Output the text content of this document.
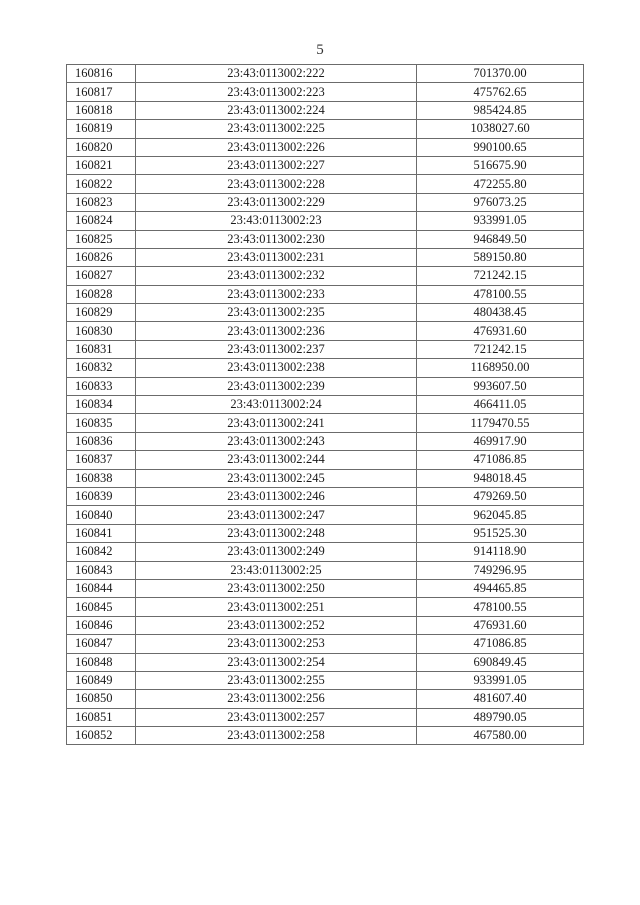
5
160816	23:43:0113002:222	701370.00
160817	23:43:0113002:223	475762.65
160818	23:43:0113002:224	985424.85
160819	23:43:0113002:225	1038027.60
160820	23:43:0113002:226	990100.65
160821	23:43:0113002:227	516675.90
160822	23:43:0113002:228	472255.80
160823	23:43:0113002:229	976073.25
160824	23:43:0113002:23	933991.05
160825	23:43:0113002:230	946849.50
160826	23:43:0113002:231	589150.80
160827	23:43:0113002:232	721242.15
160828	23:43:0113002:233	478100.55
160829	23:43:0113002:235	480438.45
160830	23:43:0113002:236	476931.60
160831	23:43:0113002:237	721242.15
160832	23:43:0113002:238	1168950.00
160833	23:43:0113002:239	993607.50
160834	23:43:0113002:24	466411.05
160835	23:43:0113002:241	1179470.55
160836	23:43:0113002:243	469917.90
160837	23:43:0113002:244	471086.85
160838	23:43:0113002:245	948018.45
160839	23:43:0113002:246	479269.50
160840	23:43:0113002:247	962045.85
160841	23:43:0113002:248	951525.30
160842	23:43:0113002:249	914118.90
160843	23:43:0113002:25	749296.95
160844	23:43:0113002:250	494465.85
160845	23:43:0113002:251	478100.55
160846	23:43:0113002:252	476931.60
160847	23:43:0113002:253	471086.85
160848	23:43:0113002:254	690849.45
160849	23:43:0113002:255	933991.05
160850	23:43:0113002:256	481607.40
160851	23:43:0113002:257	489790.05
160852	23:43:0113002:258	467580.00
